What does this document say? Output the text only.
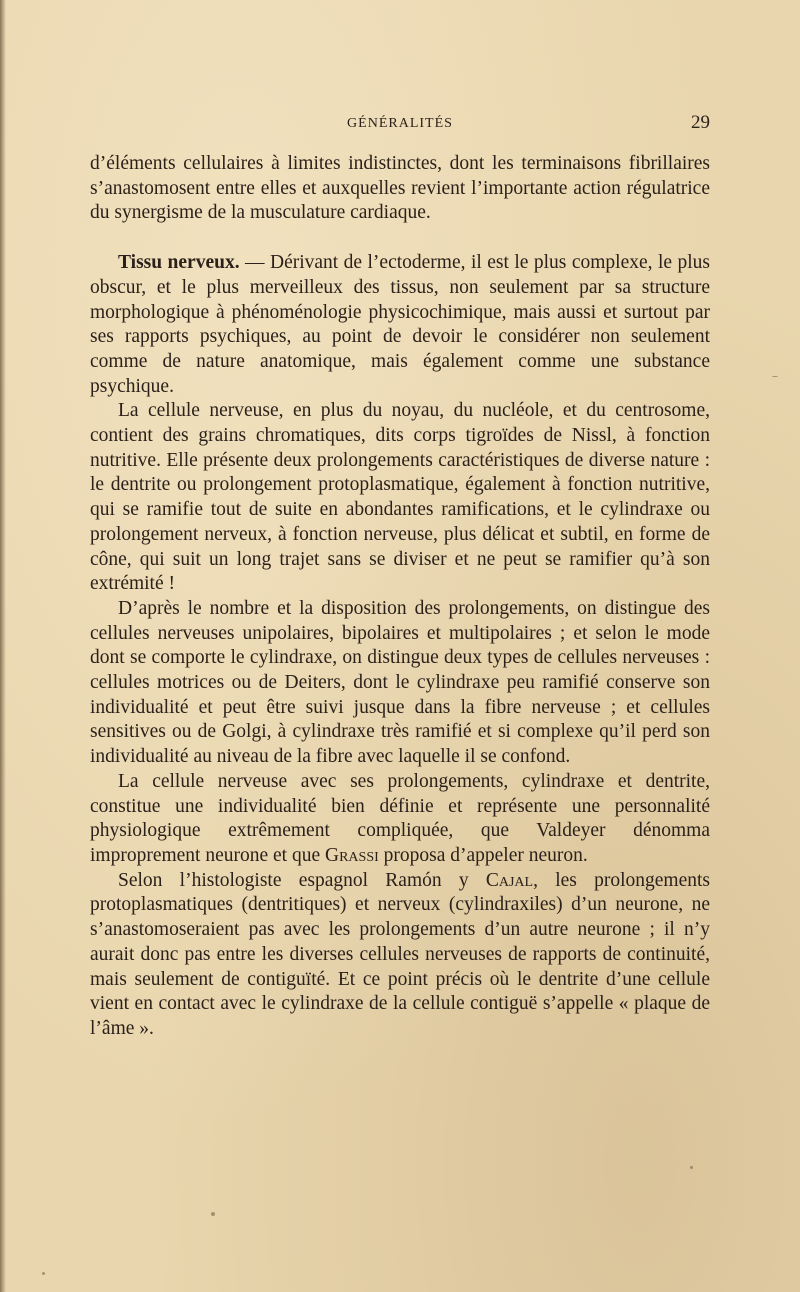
GÉNÉRALITÉS	29

d’éléments cellulaires à limites indistinctes, dont les terminaisons fibrillaires s’anastomosent entre elles et auxquelles revient l’importante action régulatrice du synergisme de la musculature cardiaque.

Tissu nerveux. — Dérivant de l’ectoderme, il est le plus complexe, le plus obscur, et le plus merveilleux des tissus, non seulement par sa structure morphologique à phénoménologie physicochimique, mais aussi et surtout par ses rapports psychiques, au point de devoir le considérer non seulement comme de nature anatomique, mais également comme une substance psychique.

La cellule nerveuse, en plus du noyau, du nucléole, et du centrosome, contient des grains chromatiques, dits corps tigroïdes de Nissl, à fonction nutritive. Elle présente deux prolongements caractéristiques de diverse nature : le dentrite ou prolongement protoplasmatique, également à fonction nutritive, qui se ramifie tout de suite en abondantes ramifications, et le cylindraxe ou prolongement nerveux, à fonction nerveuse, plus délicat et subtil, en forme de cône, qui suit un long trajet sans se diviser et ne peut se ramifier qu’à son extrémité !

D’après le nombre et la disposition des prolongements, on distingue des cellules nerveuses unipolaires, bipolaires et multipolaires ; et selon le mode dont se comporte le cylindraxe, on distingue deux types de cellules nerveuses : cellules motrices ou de Deiters, dont le cylindraxe peu ramifié conserve son individualité et peut être suivi jusque dans la fibre nerveuse ; et cellules sensitives ou de Golgi, à cylindraxe très ramifié et si complexe qu’il perd son individualité au niveau de la fibre avec laquelle il se confond.

La cellule nerveuse avec ses prolongements, cylindraxe et dentrite, constitue une individualité bien définie et représente une personnalité physiologique extrêmement compliquée, que Valdeyer dénomma improprement neurone et que Grassi proposa d’appeler neuron.

Selon l’histologiste espagnol Ramón y Cajal, les prolongements protoplasmatiques (dentritiques) et nerveux (cylindraxiles) d’un neurone, ne s’anastomoseraient pas avec les prolongements d’un autre neurone ; il n’y aurait donc pas entre les diverses cellules nerveuses de rapports de continuité, mais seulement de contiguïté. Et ce point précis où le dentrite d’une cellule vient en contact avec le cylindraxe de la cellule contiguë s’appelle « plaque de l’âme ».
